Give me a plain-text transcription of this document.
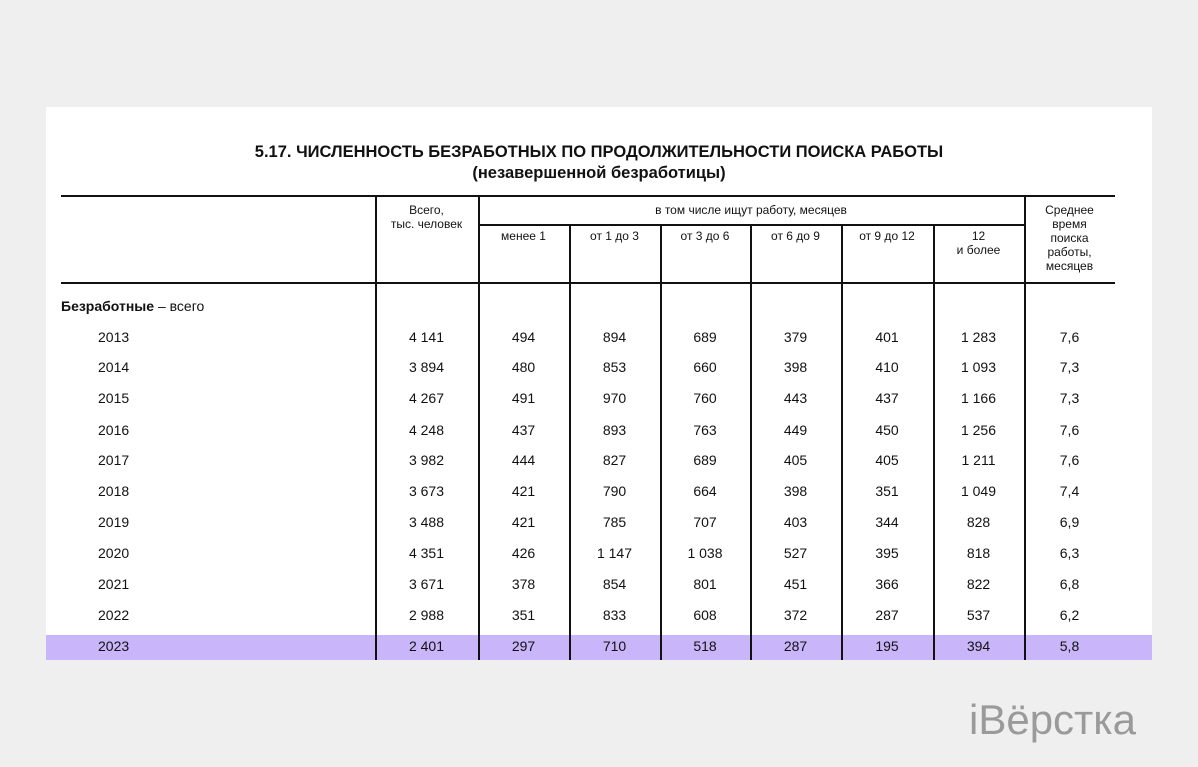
5.17. ЧИСЛЕННОСТЬ БЕЗРАБОТНЫХ ПО ПРОДОЛЖИТЕЛЬНОСТИ ПОИСКА РАБОТЫ
(незавершенной безработицы)
Всего,
тыс. человек
в том числе ищут работу, месяцев
менее 1	от 1 до 3	от 3 до 6	от 6 до 9	от 9 до 12	12
и более
Среднее
время
поиска
работы,
месяцев
Безработные – всего
2013	4 141	494	894	689	379	401	1 283	7,6
2014	3 894	480	853	660	398	410	1 093	7,3
2015	4 267	491	970	760	443	437	1 166	7,3
2016	4 248	437	893	763	449	450	1 256	7,6
2017	3 982	444	827	689	405	405	1 211	7,6
2018	3 673	421	790	664	398	351	1 049	7,4
2019	3 488	421	785	707	403	344	828	6,9
2020	4 351	426	1 147	1 038	527	395	818	6,3
2021	3 671	378	854	801	451	366	822	6,8
2022	2 988	351	833	608	372	287	537	6,2
2023	2 401	297	710	518	287	195	394	5,8
іВёрстка
